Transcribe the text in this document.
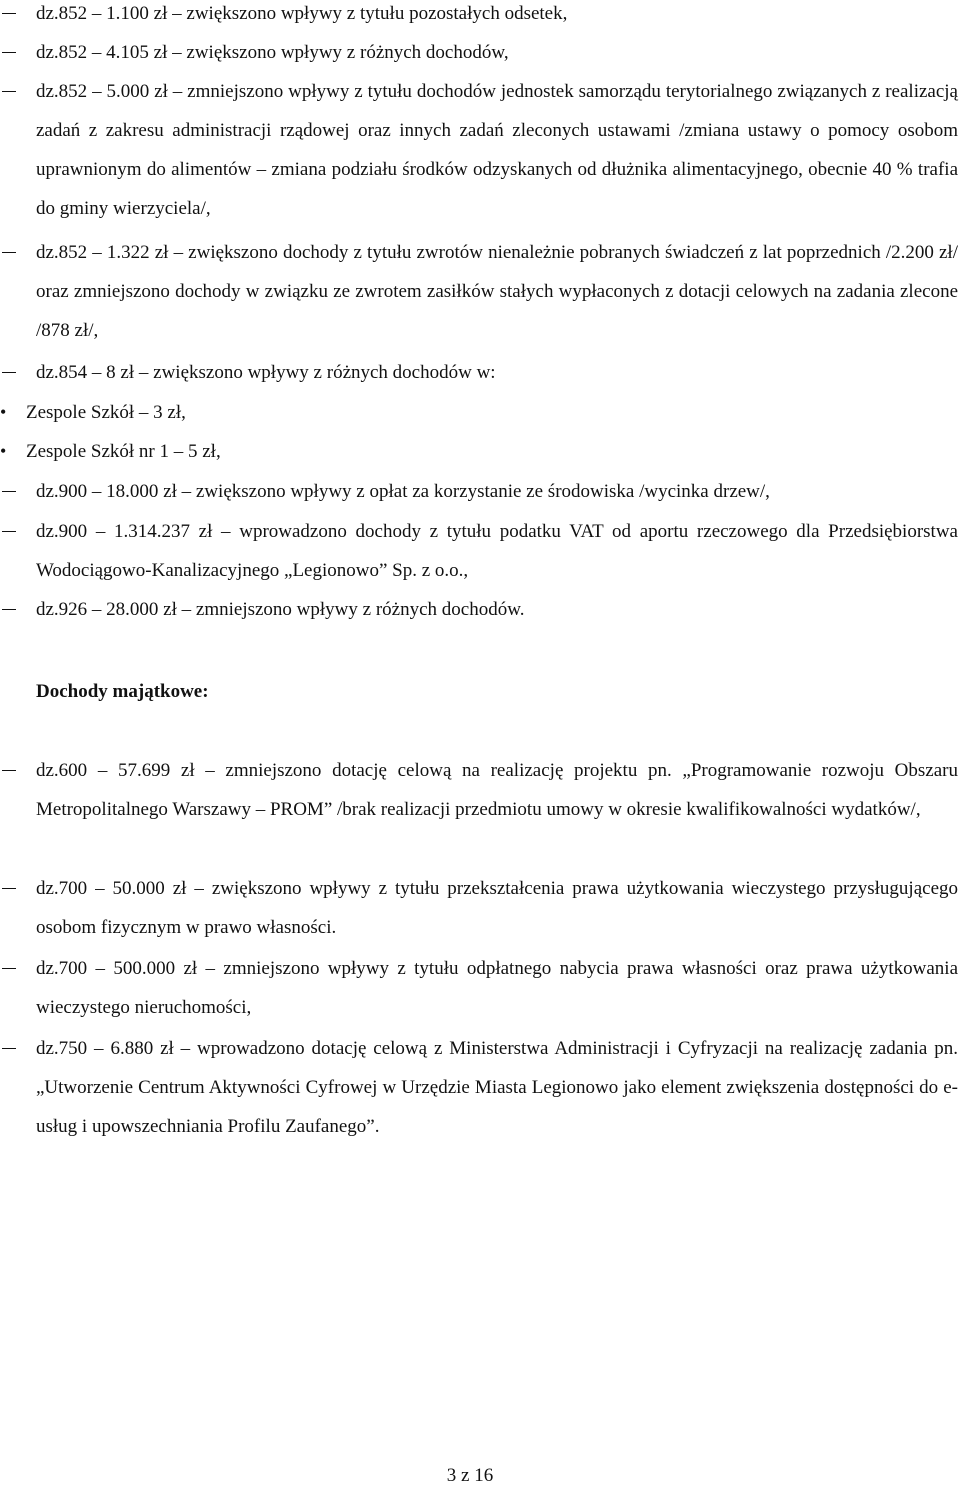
dz.852 – 1.100 zł – zwiększono wpływy z tytułu pozostałych odsetek,
dz.852 – 4.105 zł – zwiększono wpływy z różnych dochodów,
dz.852 – 5.000 zł – zmniejszono wpływy z tytułu dochodów jednostek samorządu terytorialnego związanych z realizacją zadań z zakresu administracji rządowej oraz innych zadań zleconych ustawami /zmiana ustawy o pomocy osobom uprawnionym do alimentów – zmiana podziału środków odzyskanych od dłużnika alimentacyjnego, obecnie 40 % trafia do gminy wierzyciela/,
dz.852 – 1.322 zł – zwiększono dochody z tytułu zwrotów nienależnie pobranych świadczeń z lat poprzednich /2.200 zł/ oraz zmniejszono dochody w związku ze zwrotem zasiłków stałych wypłaconych z dotacji celowych na zadania zlecone /878 zł/,
dz.854 – 8 zł – zwiększono wpływy z różnych dochodów w:
• Zespole Szkół – 3 zł,
• Zespole Szkół nr 1 – 5 zł,
dz.900 – 18.000 zł – zwiększono wpływy z opłat za korzystanie ze środowiska /wycinka drzew/,
dz.900 – 1.314.237 zł – wprowadzono dochody z tytułu podatku VAT od aportu rzeczowego dla Przedsiębiorstwa Wodociągowo-Kanalizacyjnego „Legionowo” Sp. z o.o.,
dz.926 – 28.000 zł – zmniejszono wpływy z różnych dochodów.
Dochody majątkowe:
dz.600 – 57.699 zł – zmniejszono dotację celową na realizację projektu pn. „Programowanie rozwoju Obszaru Metropolitalnego Warszawy – PROM” /brak realizacji przedmiotu umowy w okresie kwalifikowalności wydatków/,
dz.700 – 50.000 zł – zwiększono wpływy z tytułu przekształcenia prawa użytkowania wieczystego przysługującego osobom fizycznym w prawo własności.
dz.700 – 500.000 zł – zmniejszono wpływy z tytułu odpłatnego nabycia prawa własności oraz prawa użytkowania wieczystego nieruchomości,
dz.750 – 6.880 zł – wprowadzono dotację celową z Ministerstwa Administracji i Cyfryzacji na realizację zadania pn. „Utworzenie Centrum Aktywności Cyfrowej w Urzędzie Miasta Legionowo jako element zwiększenia dostępności do e-usług i upowszechniania Profilu Zaufanego”.
3 z 16
